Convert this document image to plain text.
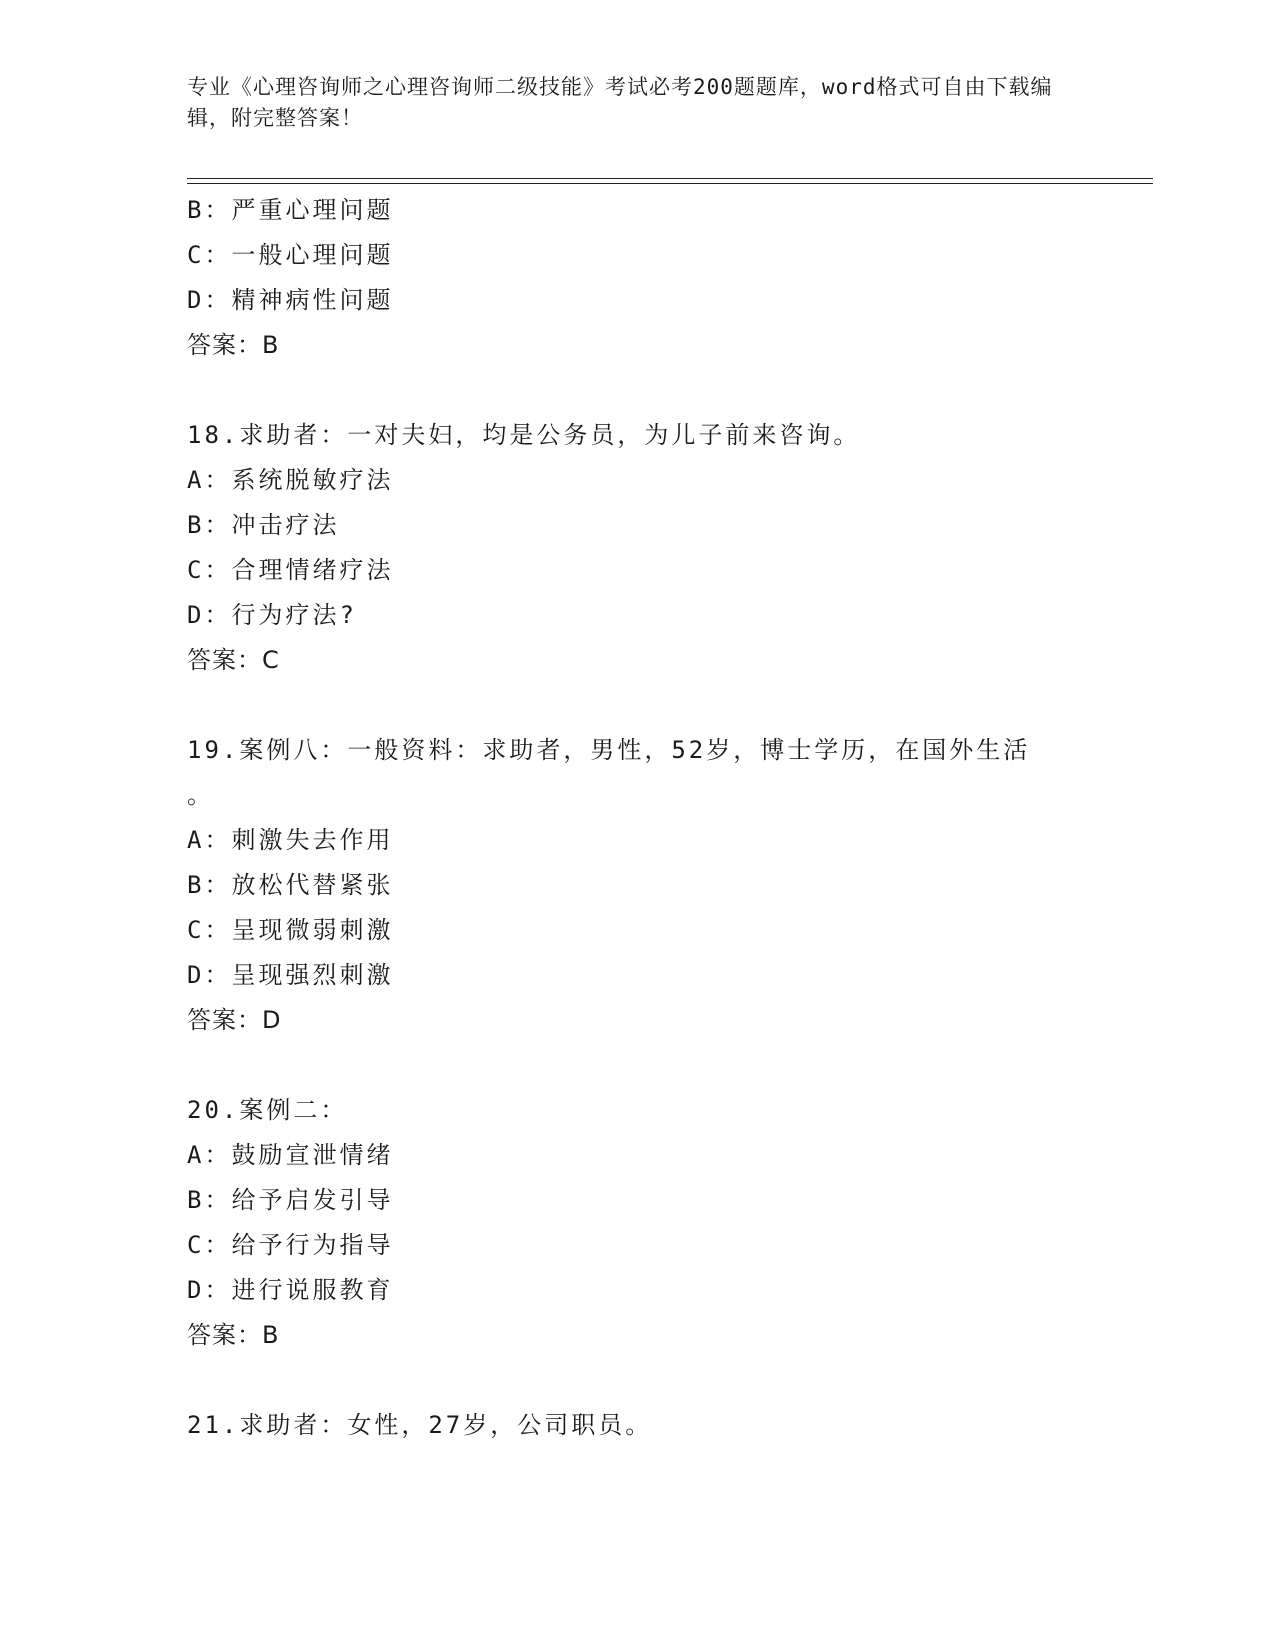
专业《心理咨询师之心理咨询师二级技能》考试必考200题题库，word格式可自由下载编辑，附完整答案！
B：严重心理问题
C：一般心理问题
D：精神病性问题
答案：B
18.求助者：一对夫妇，均是公务员，为儿子前来咨询。
A：系统脱敏疗法
B：冲击疗法
C：合理情绪疗法
D：行为疗法?
答案：C
19.案例八：一般资料：求助者，男性，52岁，博士学历，在国外生活
。
A：刺激失去作用
B：放松代替紧张
C：呈现微弱刺激
D：呈现强烈刺激
答案：D
20.案例二：
A：鼓励宣泄情绪
B：给予启发引导
C：给予行为指导
D：进行说服教育
答案：B
21.求助者：女性，27岁，公司职员。
